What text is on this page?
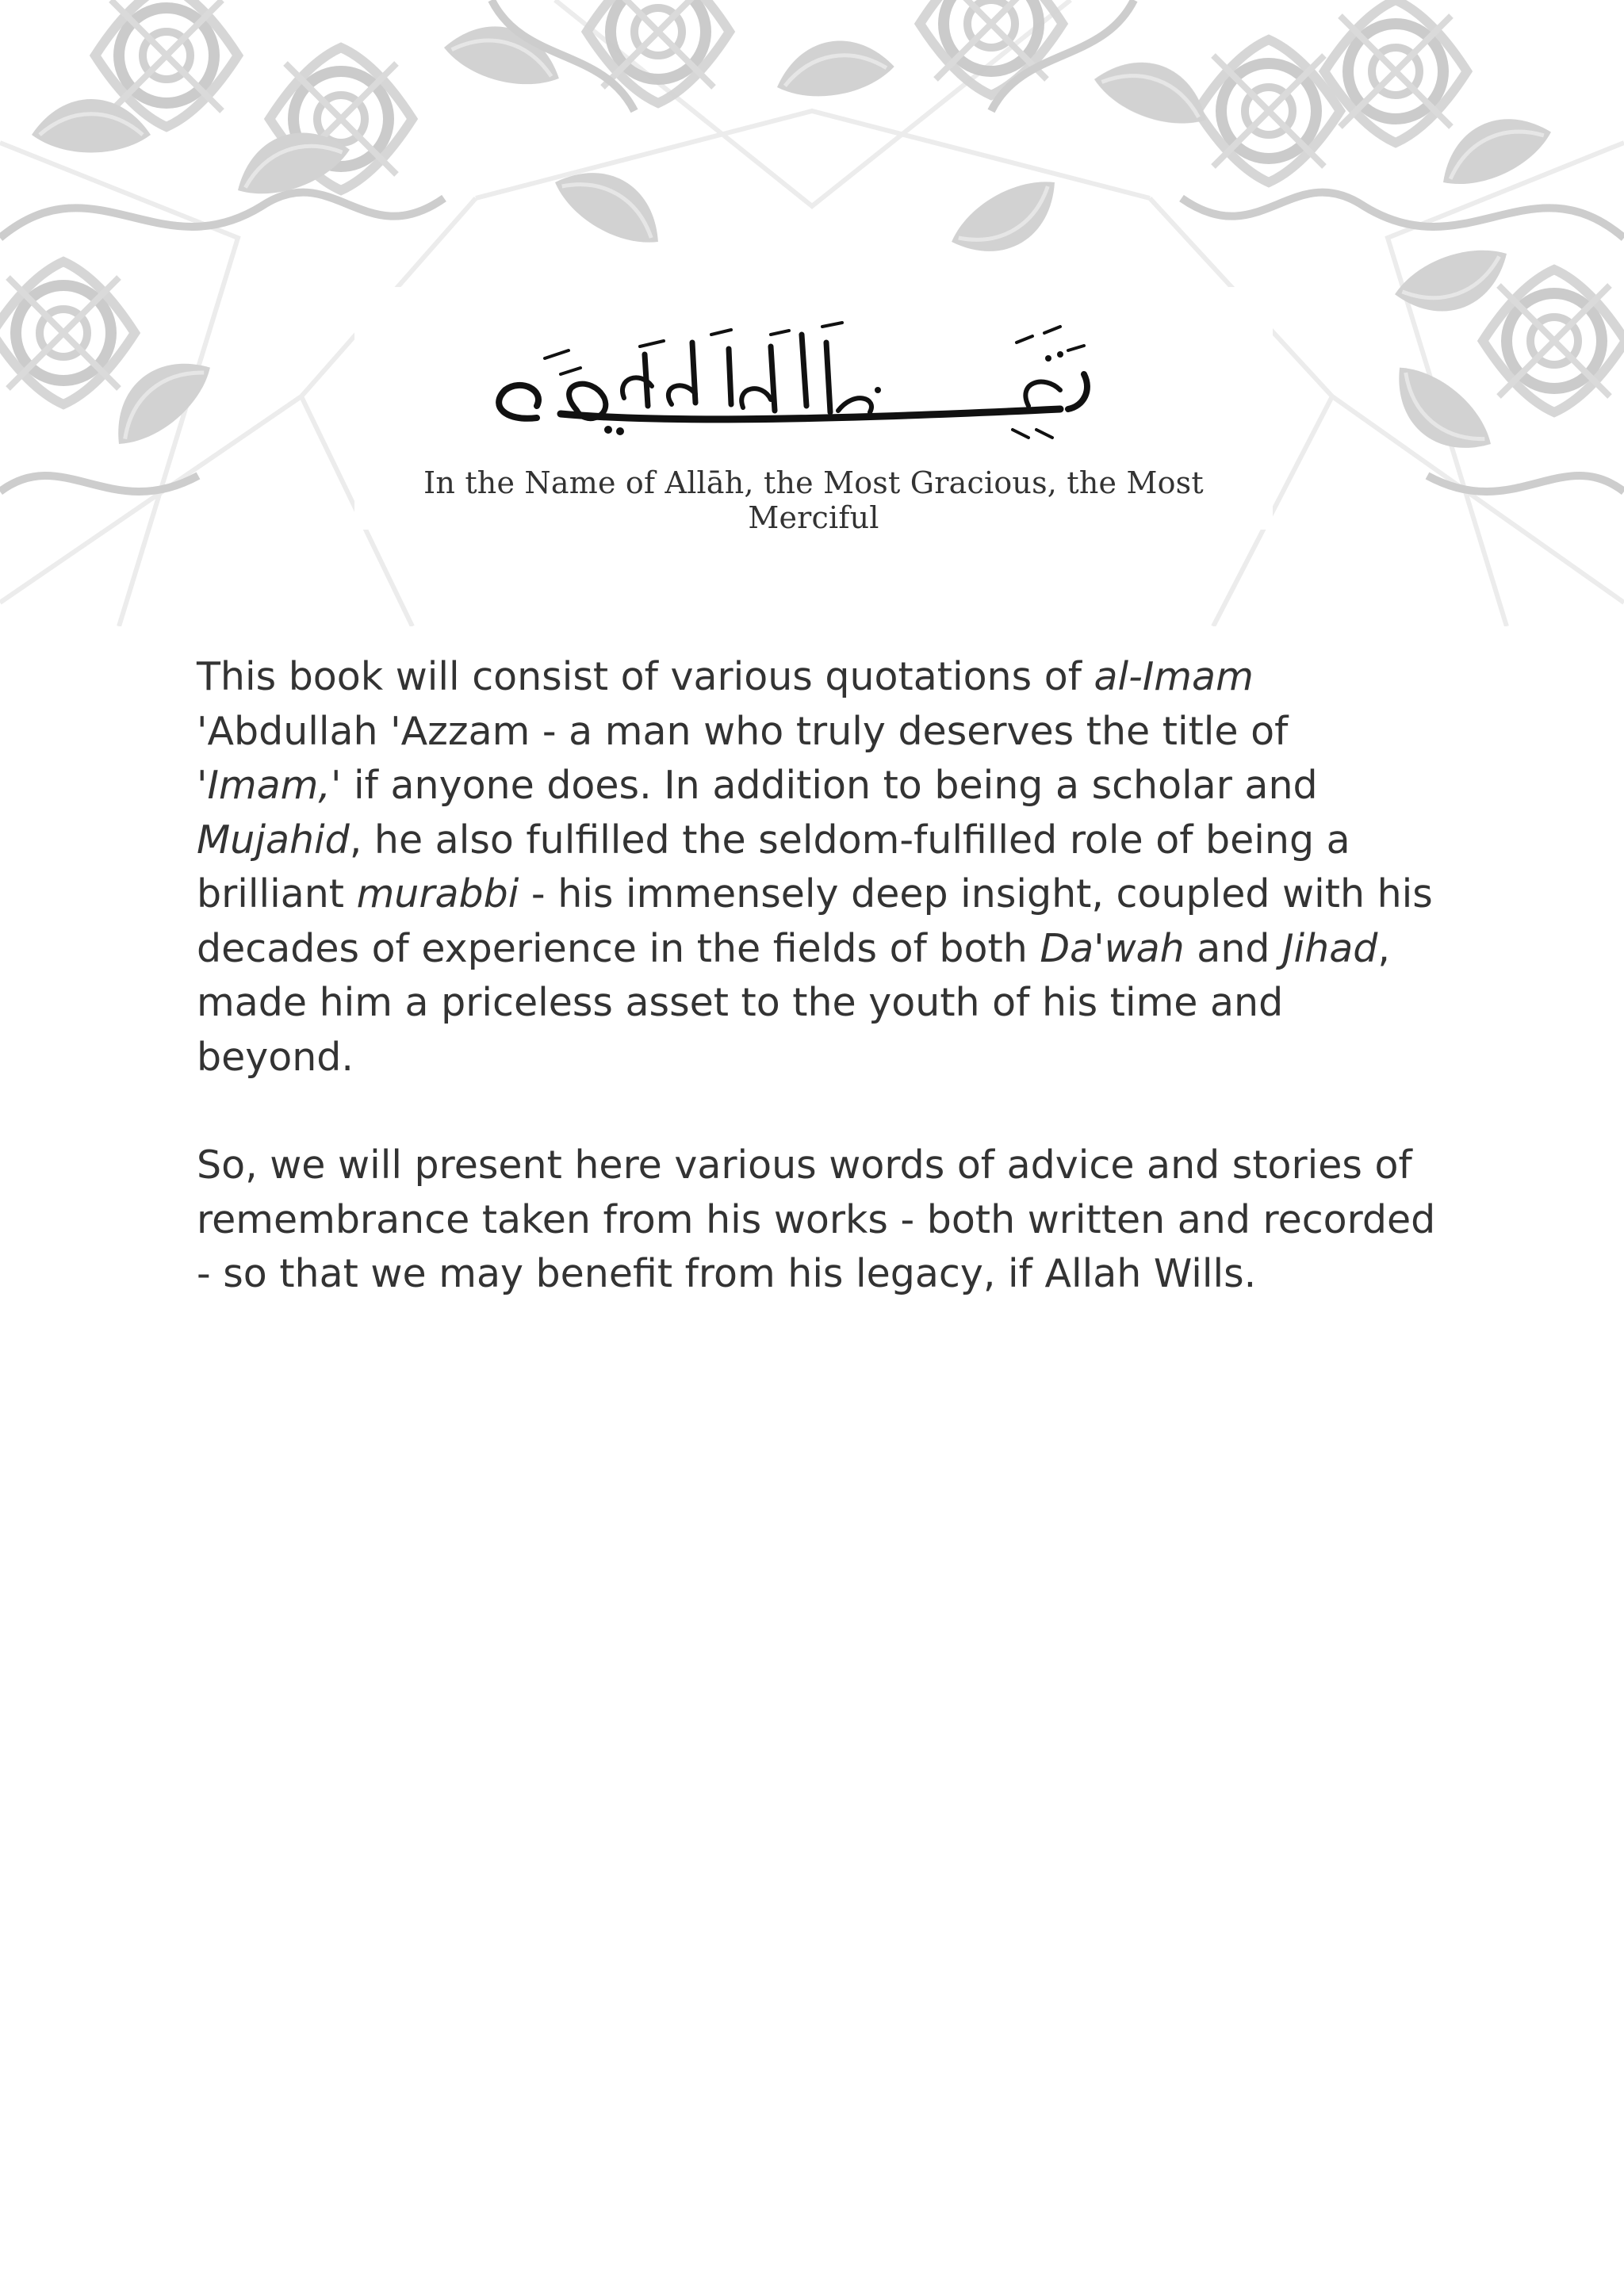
In the Name of Allāh, the Most Gracious, the Most Merciful

This book will consist of various quotations of al-Imam 'Abdullah 'Azzam - a man who truly deserves the title of 'Imam,' if anyone does. In addition to being a scholar and Mujahid, he also fulfilled the seldom-fulfilled role of being a brilliant murabbi - his immensely deep insight, coupled with his decades of experience in the fields of both Da'wah and Jihad, made him a priceless asset to the youth of his time and beyond.

So, we will present here various words of advice and stories of remembrance taken from his works - both written and recorded - so that we may benefit from his legacy, if Allah Wills.
